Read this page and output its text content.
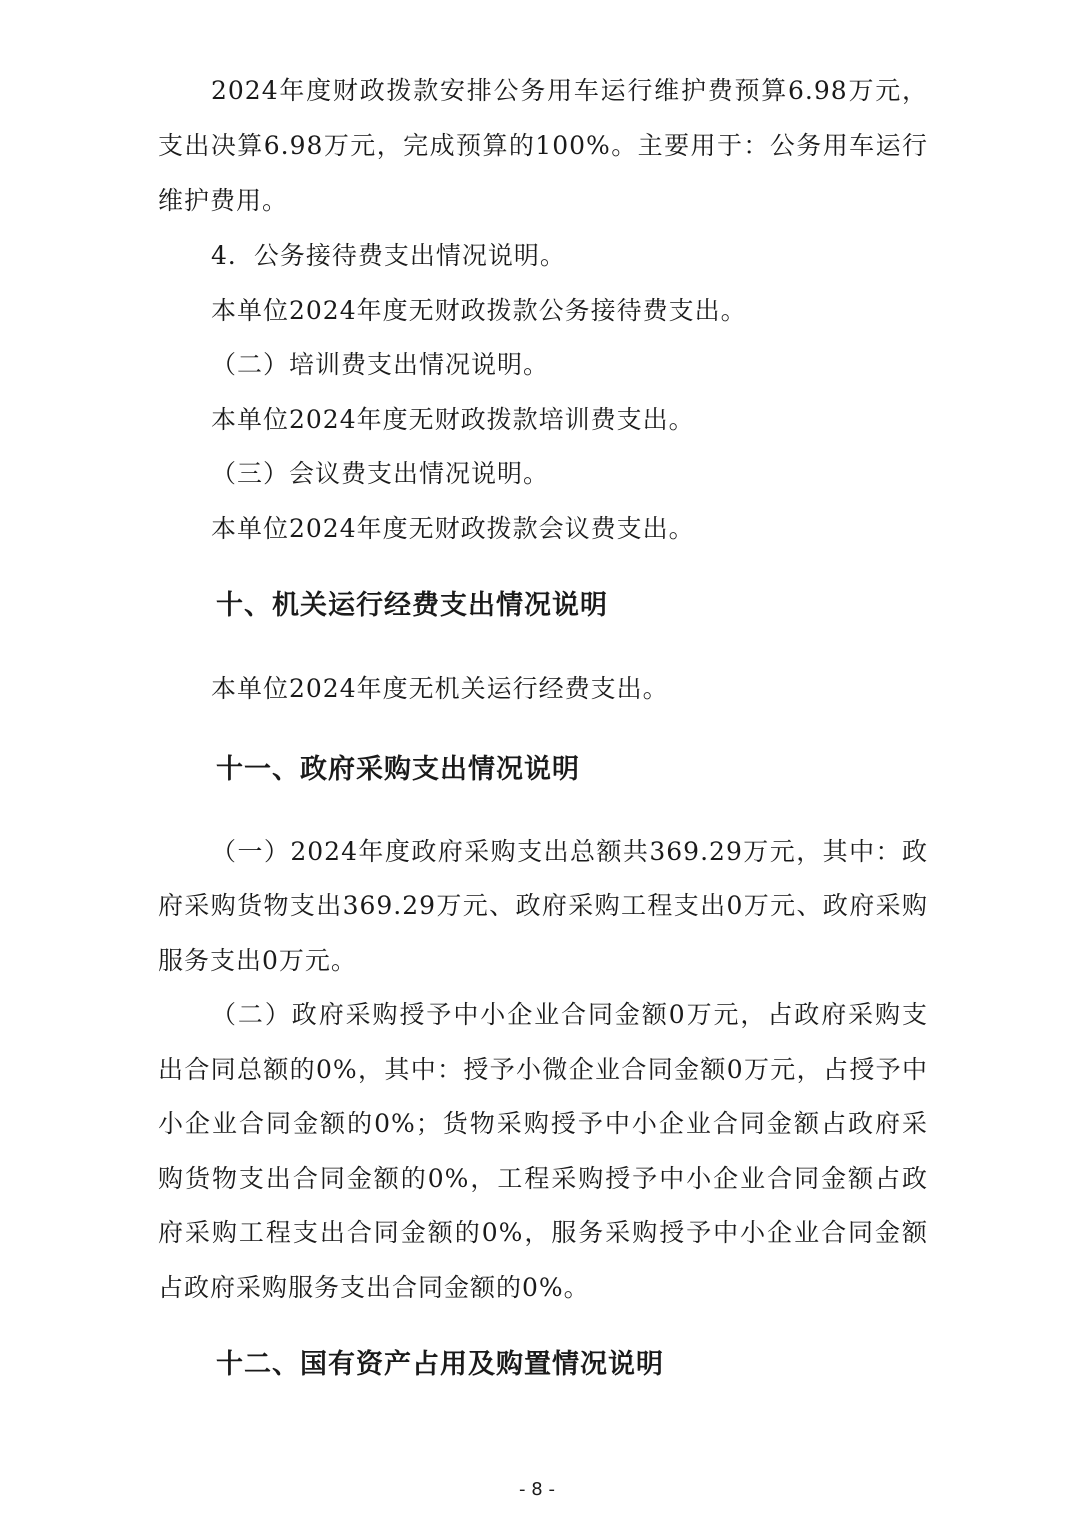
2024年度财政拨款安排公务用车运行维护费预算6.98万元，

支出决算6.98万元，完成预算的100%。主要用于：公务用车运行

维护费用。

4．公务接待费支出情况说明。

本单位2024年度无财政拨款公务接待费支出。

（二）培训费支出情况说明。

本单位2024年度无财政拨款培训费支出。

（三）会议费支出情况说明。

本单位2024年度无财政拨款会议费支出。

十、机关运行经费支出情况说明

本单位2024年度无机关运行经费支出。

十一、政府采购支出情况说明

（一）2024年度政府采购支出总额共369.29万元，其中：政

府采购货物支出369.29万元、政府采购工程支出0万元、政府采购

服务支出0万元。

（二）政府采购授予中小企业合同金额0万元，占政府采购支

出合同总额的0%，其中：授予小微企业合同金额0万元，占授予中

小企业合同金额的0%；货物采购授予中小企业合同金额占政府采

购货物支出合同金额的0%，工程采购授予中小企业合同金额占政

府采购工程支出合同金额的0%，服务采购授予中小企业合同金额

占政府采购服务支出合同金额的0%。

十二、国有资产占用及购置情况说明
- 8 -
